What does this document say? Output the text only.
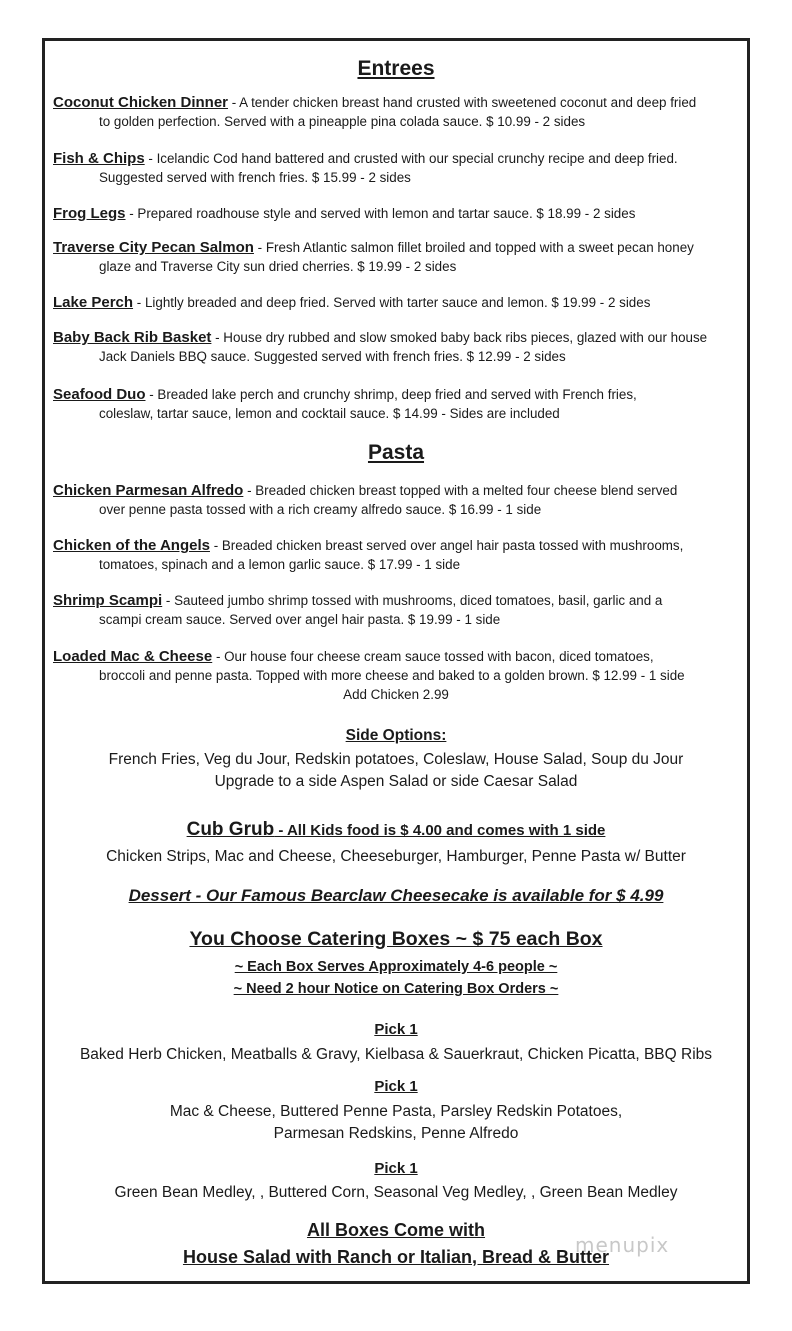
Entrees

Coconut Chicken Dinner - A tender chicken breast hand crusted with sweetened coconut and deep fried
to golden perfection. Served with a pineapple pina colada sauce. $ 10.99 - 2 sides

Fish & Chips - Icelandic Cod hand battered and crusted with our special crunchy recipe and deep fried.
Suggested served with french fries. $ 15.99 - 2 sides

Frog Legs - Prepared roadhouse style and served with lemon and tartar sauce. $ 18.99 - 2 sides

Traverse City Pecan Salmon - Fresh Atlantic salmon fillet broiled and topped with a sweet pecan honey
glaze and Traverse City sun dried cherries. $ 19.99 - 2 sides

Lake Perch - Lightly breaded and deep fried. Served with tarter sauce and lemon. $ 19.99 - 2 sides

Baby Back Rib Basket - House dry rubbed and slow smoked baby back ribs pieces, glazed with our house
Jack Daniels BBQ sauce. Suggested served with french fries. $ 12.99 - 2 sides

Seafood Duo - Breaded lake perch and crunchy shrimp, deep fried and served with French fries,
coleslaw, tartar sauce, lemon and cocktail sauce. $ 14.99 - Sides are included

Pasta

Chicken Parmesan Alfredo - Breaded chicken breast topped with a melted four cheese blend served
over penne pasta tossed with a rich creamy alfredo sauce. $ 16.99 - 1 side

Chicken of the Angels - Breaded chicken breast served over angel hair pasta tossed with mushrooms,
tomatoes, spinach and a lemon garlic sauce. $ 17.99 - 1 side

Shrimp Scampi - Sauteed jumbo shrimp tossed with mushrooms, diced tomatoes, basil, garlic and a
scampi cream sauce. Served over angel hair pasta. $ 19.99 - 1 side

Loaded Mac & Cheese - Our house four cheese cream sauce tossed with bacon, diced tomatoes,
broccoli and penne pasta. Topped with more cheese and baked to a golden brown. $ 12.99 - 1 side
Add Chicken 2.99

Side Options:

French Fries, Veg du Jour, Redskin potatoes, Coleslaw, House Salad, Soup du Jour

Upgrade to a side Aspen Salad or side Caesar Salad

Cub Grub - All Kids food is $ 4.00 and comes with 1 side

Chicken Strips, Mac and Cheese, Cheeseburger, Hamburger, Penne Pasta w/ Butter

Dessert - Our Famous Bearclaw Cheesecake is available for $ 4.99

You Choose Catering Boxes ~ $ 75 each Box

~ Each Box Serves Approximately 4-6 people ~

~ Need 2 hour Notice on Catering Box Orders ~

Pick 1

Baked Herb Chicken, Meatballs & Gravy, Kielbasa & Sauerkraut, Chicken Picatta, BBQ Ribs

Pick 1

Mac & Cheese, Buttered Penne Pasta, Parsley Redskin Potatoes,

Parmesan Redskins, Penne Alfredo

Pick 1

Green Bean Medley, , Buttered Corn, Seasonal Veg Medley, , Green Bean Medley

All Boxes Come with

House Salad with Ranch or Italian, Bread & Butter

menupix
